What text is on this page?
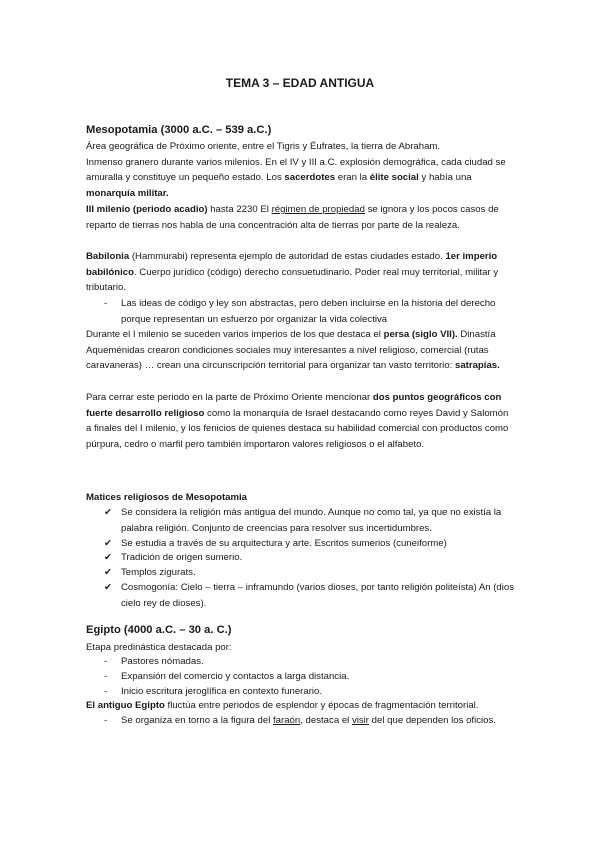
TEMA 3 – EDAD ANTIGUA

Mesopotamia (3000 a.C. – 539 a.C.)

Área geográfica de Próximo oriente, entre el Tigris y Éufrates, la tierra de Abraham.
Inmenso granero durante varios milenios. En el IV y III a.C. explosión demográfica, cada ciudad se amuralla y constituye un pequeño estado. Los sacerdotes eran la élite social y había una monarquía militar.

III milenio (periodo acadio) hasta 2230 El régimen de propiedad se ignora y los pocos casos de reparto de tierras nos habla de una concentración alta de tierras por parte de la realeza.

Babilonia (Hammurabi) representa ejemplo de autoridad de estas ciudades estado. 1er imperio babilónico. Cuerpo jurídico (código) derecho consuetudinario. Poder real muy territorial, militar y tributario.

- Las ideas de código y ley son abstractas, pero deben incluirse en la historia del derecho porque representan un esfuerzo por organizar la vida colectiva

Durante el I milenio se suceden varios imperios de los que destaca el persa (siglo VII). Dinastía Aqueménidas crearon condiciones sociales muy interesantes a nivel religioso, comercial (rutas caravaneras) … crean una circunscripción territorial para organizar tan vasto territorio: satrapías.

Para cerrar este periodo en la parte de Próximo Oriente mencionar dos puntos geográficos con fuerte desarrollo religioso como la monarquía de Israel destacando como reyes David y Salomón a finales del I milenio, y los fenicios de quienes destaca su habilidad comercial con productos como púrpura, cedro o marfil pero también importaron valores religiosos o el alfabeto.

Matices religiosos de Mesopotamia
✔ Se considera la religión más antigua del mundo. Aunque no como tal, ya que no existía la palabra religión. Conjunto de creencias para resolver sus incertidumbres.

✔ Se estudia a través de su arquitectura y arte. Escritos sumerios (cuneiforme)

✔ Tradición de origen sumerio.

✔ Templos zigurats.

✔ Cosmogonía: Cielo – tierra – inframundo (varios dioses, por tanto religión politeísta) An (dios cielo rey de dioses).

Egipto (4000 a.C. – 30 a. C.)

Etapa predinástica destacada por:

- Pastores nómadas.

- Expansión del comercio y contactos a larga distancia.

- Inicio escritura jeroglífica en contexto funerario.

El antiguo Egipto fluctúa entre periodos de esplendor y épocas de fragmentación territorial.

- Se organiza en torno a la figura del faraón, destaca el visir del que dependen los oficios.
